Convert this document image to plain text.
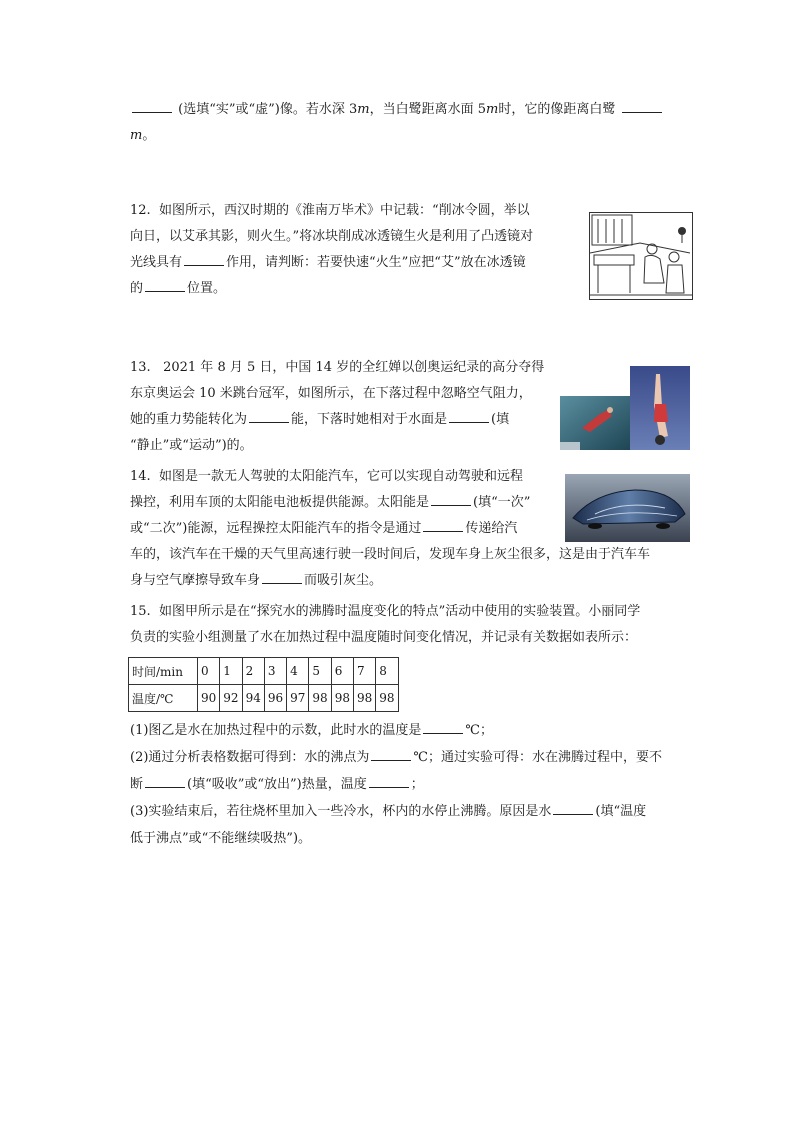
(选填“实”或“虚”)像。若水深 3m，当白鹭距离水面 5m时，它的像距离白鹭
m。
12. 如图所示，西汉时期的《淮南万毕术》中记载：“削冰令圆，举以
向日，以艾承其影，则火生。”将冰块削成冰透镜生火是利用了凸透镜对
光线具有	作用，请判断：若要快速“火生”应把“艾”放在冰透镜
的	位置。
13. 2021 年 8 月 5 日，中国 14 岁的全红婵以创奥运纪录的高分夺得
东京奥运会 10 米跳台冠军，如图所示，在下落过程中忽略空气阻力，
她的重力势能转化为	能，下落时她相对于水面是	(填
“静止”或“运动”)的。
14. 如图是一款无人驾驶的太阳能汽车，它可以实现自动驾驶和远程
操控，利用车顶的太阳能电池板提供能源。太阳能是	(填“一次”
或“二次”)能源，远程操控太阳能汽车的指令是通过	传递给汽
车的，该汽车在干燥的天气里高速行驶一段时间后，发现车身上灰尘很多，这是由于汽车车
身与空气摩擦导致车身	而吸引灰尘。
15. 如图甲所示是在“探究水的沸腾时温度变化的特点”活动中使用的实验装置。小丽同学
负责的实验小组测量了水在加热过程中温度随时间变化情况，并记录有关数据如表所示：
时间/min	0	1	2	3	4	5	6	7	8
温度/℃	90	92	94	96	97	98	98	98	98
(1)图乙是水在加热过程中的示数，此时水的温度是	℃；
(2)通过分析表格数据可得到：水的沸点为	℃；通过实验可得：水在沸腾过程中，要不
断	(填“吸收”或“放出”)热量，温度	；
(3)实验结束后，若往烧杯里加入一些冷水，杯内的水停止沸腾。原因是水	(填“温度
低于沸点”或“不能继续吸热”)。
